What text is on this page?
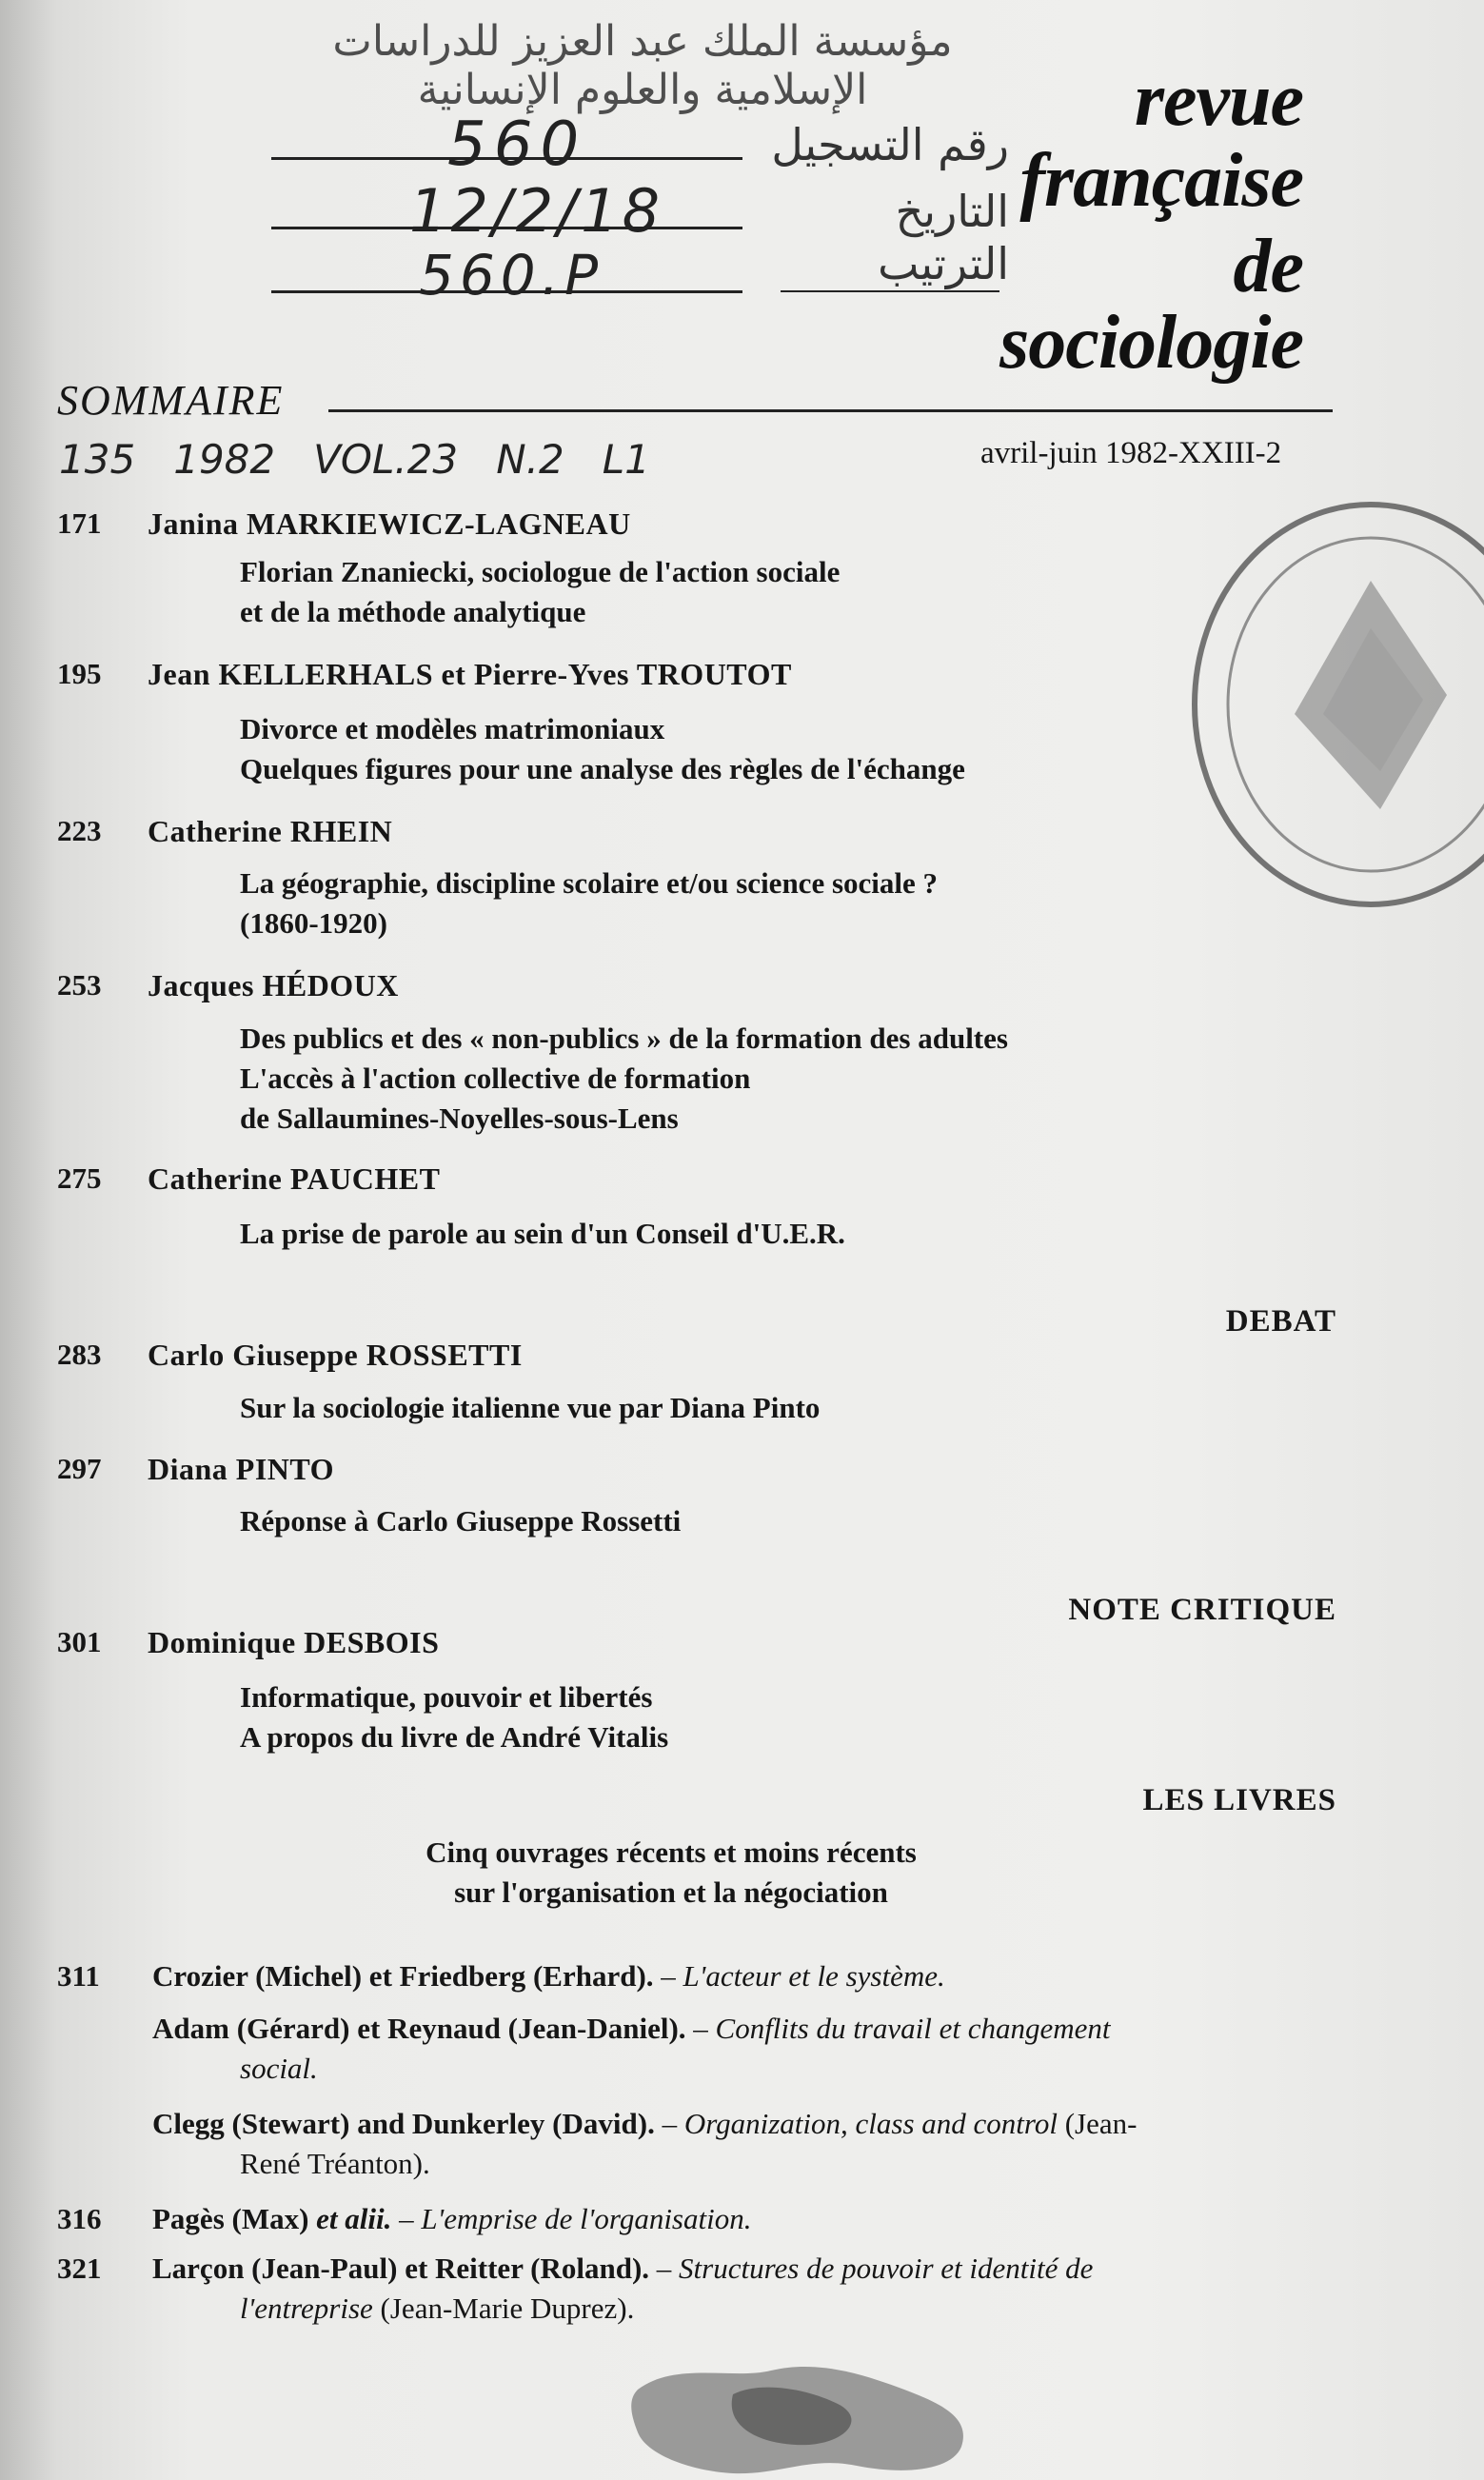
مؤسسة الملك عبد العزيز للدراسات الإسلامية والعلوم الإنسانية
560
12/2/18
560.P
رقم التسجيل
التاريخ
الترتيب
revue
française
de
sociologie
SOMMAIRE
135   1982   VOL.23   N.2   L1	avril-juin 1982-XXIII-2
171 Janina MARKIEWICZ-LAGNEAU
Florian Znaniecki, sociologue de l'action sociale
et de la méthode analytique
195 Jean KELLERHALS et Pierre-Yves TROUTOT
Divorce et modèles matrimoniaux
Quelques figures pour une analyse des règles de l'échange
223 Catherine RHEIN
La géographie, discipline scolaire et/ou science sociale ?
(1860-1920)
253 Jacques HÉDOUX
Des publics et des « non-publics » de la formation des adultes
L'accès à l'action collective de formation
de Sallaumines-Noyelles-sous-Lens
275 Catherine PAUCHET
La prise de parole au sein d'un Conseil d'U.E.R.
DEBAT
283 Carlo Giuseppe ROSSETTI
Sur la sociologie italienne vue par Diana Pinto
297 Diana PINTO
Réponse à Carlo Giuseppe Rossetti
NOTE CRITIQUE
301 Dominique DESBOIS
Informatique, pouvoir et libertés
A propos du livre de André Vitalis
LES LIVRES
Cinq ouvrages récents et moins récents
sur l'organisation et la négociation
311 Crozier (Michel) et Friedberg (Erhard). – L'acteur et le système.
Adam (Gérard) et Reynaud (Jean-Daniel). – Conflits du travail et changement
social.
Clegg (Stewart) and Dunkerley (David). – Organization, class and control (Jean-
René Tréanton).
316 Pagès (Max) et alii. – L'emprise de l'organisation.
321 Larçon (Jean-Paul) et Reitter (Roland). – Structures de pouvoir et identité de
l'entreprise (Jean-Marie Duprez).
